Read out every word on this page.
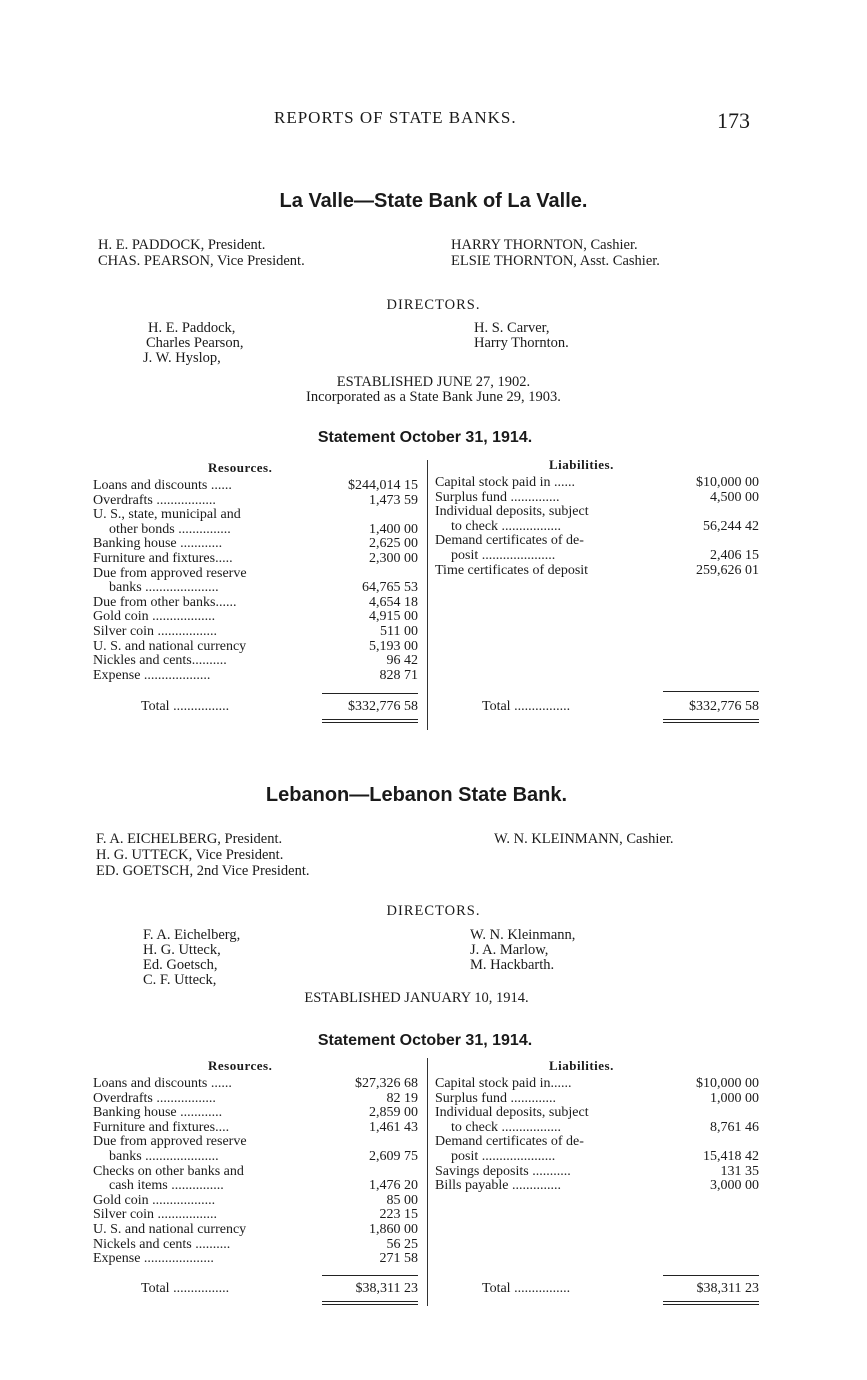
REPORTS OF STATE BANKS.	173
La Valle—State Bank of La Valle.
H. E. PADDOCK, President.
CHAS. PEARSON, Vice President.
HARRY THORNTON, Cashier.
ELSIE THORNTON, Asst. Cashier.
DIRECTORS.
H. E. Paddock,
Charles Pearson,
J. W. Hyslop,
H. S. Carver,
Harry Thornton.
ESTABLISHED JUNE 27, 1902.
Incorporated as a State Bank June 29, 1903.
Statement October 31, 1914.
Resources.	Liabilities.
Loans and discounts ......	$244,014 15
Overdrafts .................	1,473 59
U. S., state, municipal and
other bonds ...............	1,400 00
Banking house ............	2,625 00
Furniture and fixtures.....	2,300 00
Due from approved reserve
banks .....................	64,765 53
Due from other banks......	4,654 18
Gold coin ..................	4,915 00
Silver coin .................	511 00
U. S. and national currency	5,193 00
Nickles and cents..........	96 42
Expense ...................	828 71
Capital stock paid in ......	$10,000 00
Surplus fund ..............	4,500 00
Individual deposits, subject
to check .................	56,244 42
Demand certificates of de-
posit .....................	2,406 15
Time certificates of deposit	259,626 01
Total ................	$332,776 58	Total ................	$332,776 58
Lebanon—Lebanon State Bank.
F. A. EICHELBERG, President.
H. G. UTTECK, Vice President.
ED. GOETSCH, 2nd Vice President.
W. N. KLEINMANN, Cashier.
DIRECTORS.
F. A. Eichelberg,
H. G. Utteck,
Ed. Goetsch,
C. F. Utteck,
W. N. Kleinmann,
J. A. Marlow,
M. Hackbarth.
ESTABLISHED JANUARY 10, 1914.
Statement October 31, 1914.
Resources.	Liabilities.
Loans and discounts ......	$27,326 68
Overdrafts .................	82 19
Banking house ............	2,859 00
Furniture and fixtures....	1,461 43
Due from approved reserve
banks .....................	2,609 75
Checks on other banks and
cash items ...............	1,476 20
Gold coin ..................	85 00
Silver coin .................	223 15
U. S. and national currency	1,860 00
Nickels and cents ..........	56 25
Expense ....................	271 58
Capital stock paid in......	$10,000 00
Surplus fund .............	1,000 00
Individual deposits, subject
to check .................	8,761 46
Demand certificates of de-
posit .....................	15,418 42
Savings deposits ...........	131 35
Bills payable ..............	3,000 00
Total ................	$38,311 23	Total ................	$38,311 23
